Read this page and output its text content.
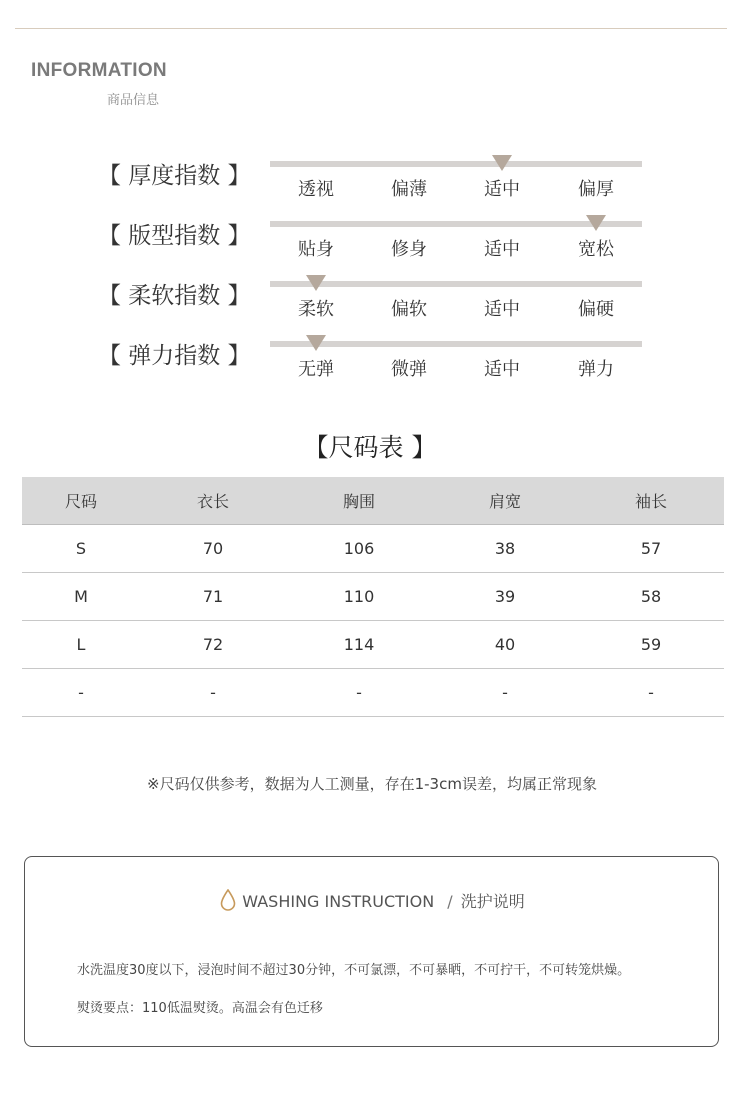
INFORMATION
商品信息
【 厚度指数 】
透视	偏薄	适中	偏厚
【 版型指数 】
贴身	修身	适中	宽松
【 柔软指数 】
柔软	偏软	适中	偏硬
【 弹力指数 】
无弹	微弹	适中	弹力
【尺码表 】
尺码	衣长	胸围	肩宽	袖长
S	70	106	38	57
M	71	110	39	58
L	72	114	40	59
-	-	-	-	-
※尺码仅供参考，数据为人工测量，存在1-3cm误差，均属正常现象
WASHING INSTRUCTION / 洗护说明
水洗温度30度以下，浸泡时间不超过30分钟，不可氯漂，不可暴晒，不可拧干，不可转笼烘燥。
熨烫要点：110低温熨烫。高温会有色迁移
